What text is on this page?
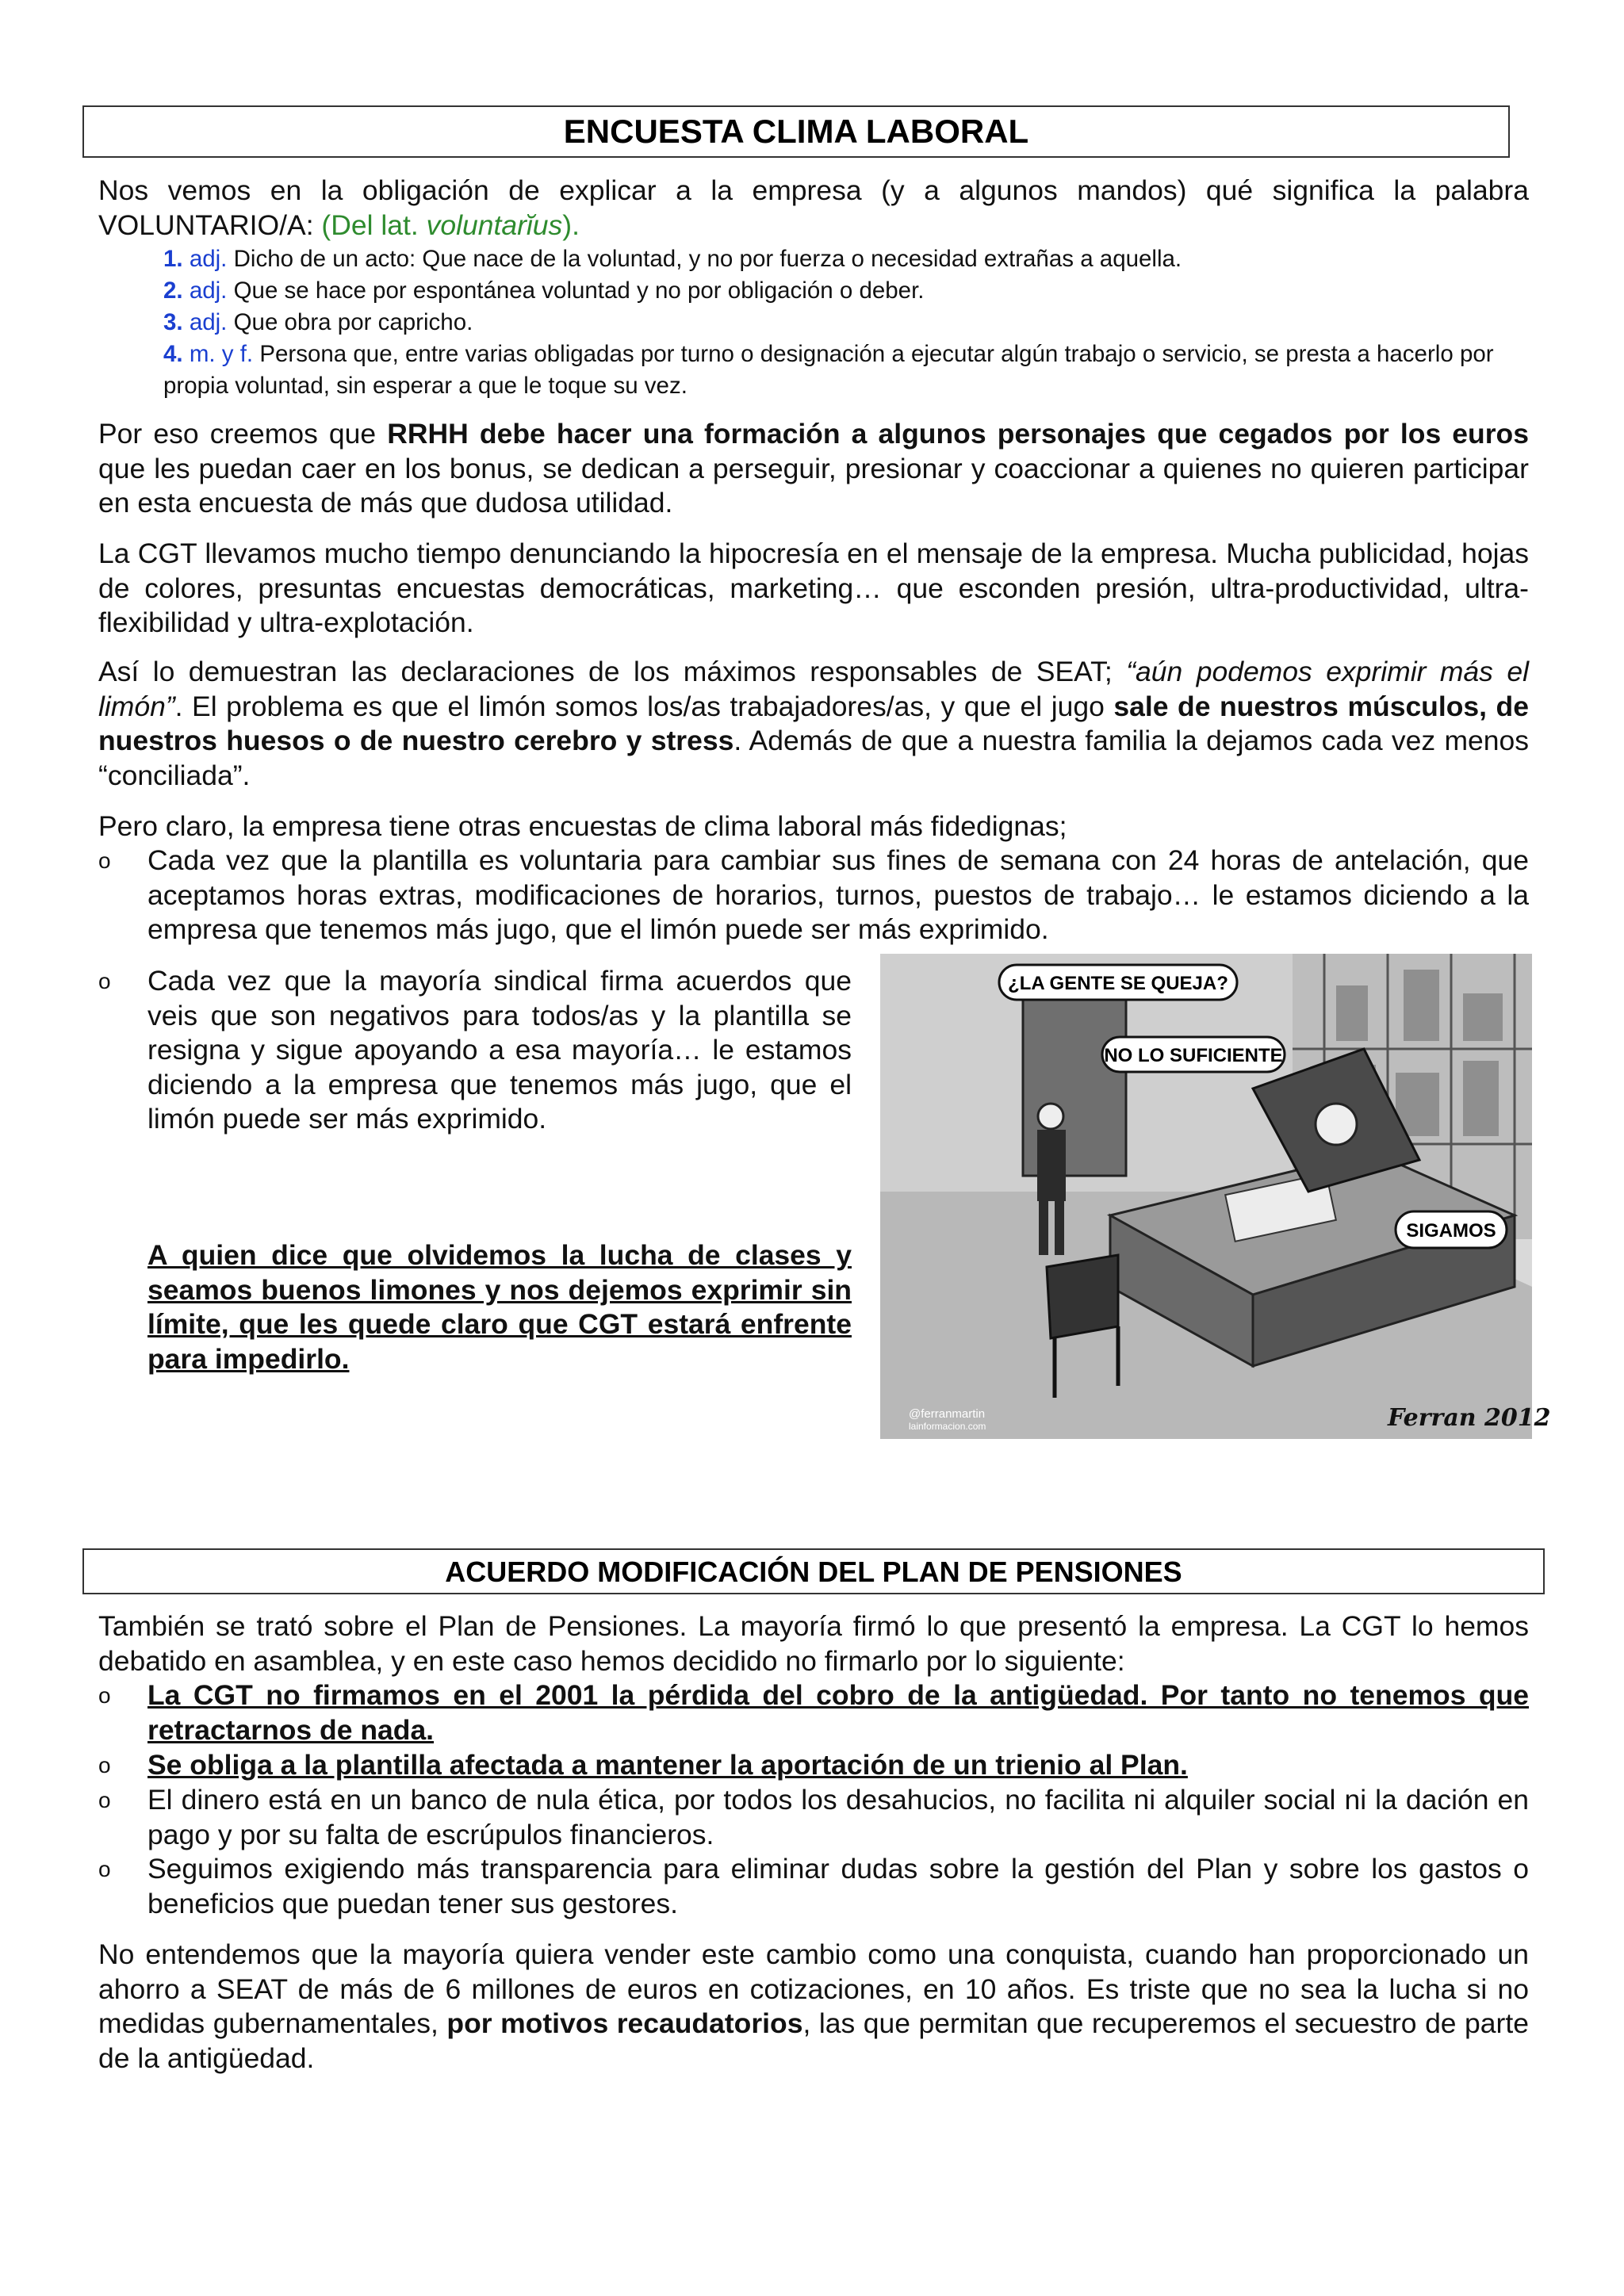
ENCUESTA CLIMA LABORAL

Nos vemos en la obligación de explicar a la empresa (y a algunos mandos) qué significa la palabra VOLUNTARIO/A: (Del lat. voluntarĭus).

1. adj. Dicho de un acto: Que nace de la voluntad, y no por fuerza o necesidad extrañas a aquella.
2. adj. Que se hace por espontánea voluntad y no por obligación o deber.
3. adj. Que obra por capricho.
4. m. y f. Persona que, entre varias obligadas por turno o designación a ejecutar algún trabajo o servicio, se presta a hacerlo por propia voluntad, sin esperar a que le toque su vez.

Por eso creemos que RRHH debe hacer una formación a algunos personajes que cegados por los euros que les puedan caer en los bonus, se dedican a perseguir, presionar y coaccionar a quienes no quieren participar en esta encuesta de más que dudosa utilidad.

La CGT llevamos mucho tiempo denunciando la hipocresía en el mensaje de la empresa. Mucha publicidad, hojas de colores, presuntas encuestas democráticas, marketing… que esconden presión, ultra-productividad, ultra-flexibilidad y ultra-explotación.

Así lo demuestran las declaraciones de los máximos responsables de SEAT; “aún podemos exprimir más el limón”. El problema es que el limón somos los/as trabajadores/as, y que el jugo sale de nuestros músculos, de nuestros huesos o de nuestro cerebro y stress. Además de que a nuestra familia la dejamos cada vez menos “conciliada”.

Pero claro, la empresa tiene otras encuestas de clima laboral más fidedignas;

o Cada vez que la plantilla es voluntaria para cambiar sus fines de semana con 24 horas de antelación, que aceptamos horas extras, modificaciones de horarios, turnos, puestos de trabajo… le estamos diciendo a la empresa que tenemos más jugo, que el limón puede ser más exprimido.
o Cada vez que la mayoría sindical firma acuerdos que veis que son negativos para todos/as y la plantilla se resigna y sigue apoyando a esa mayoría… le estamos diciendo a la empresa que tenemos más jugo, que el limón puede ser más exprimido.
A quien dice que olvidemos la lucha de clases y seamos buenos limones y nos dejemos exprimir sin límite, que les quede claro que CGT estará enfrente para impedirlo.
¿LA GENTE SE QUEJA?
NO LO SUFICIENTE
SIGAMOS
@ferranmartin
lainformacion.com	Ferran 2012
ACUERDO MODIFICACIÓN DEL PLAN DE PENSIONES

También se trató sobre el Plan de Pensiones. La mayoría firmó lo que presentó la empresa. La CGT lo hemos debatido en asamblea, y en este caso hemos decidido no firmarlo por lo siguiente:

o La CGT no firmamos en el 2001 la pérdida del cobro de la antigüedad. Por tanto no tenemos que retractarnos de nada.
o Se obliga a la plantilla afectada a mantener la aportación de un trienio al Plan.
o El dinero está en un banco de nula ética, por todos los desahucios, no facilita ni alquiler social ni la dación en pago y por su falta de escrúpulos financieros.
o Seguimos exigiendo más transparencia para eliminar dudas sobre la gestión del Plan y sobre los gastos o beneficios que puedan tener sus gestores.

No entendemos que la mayoría quiera vender este cambio como una conquista, cuando han proporcionado un ahorro a SEAT de más de 6 millones de euros en cotizaciones, en 10 años. Es triste que no sea la lucha si no medidas gubernamentales, por motivos recaudatorios, las que permitan que recuperemos el secuestro de parte de la antigüedad.
